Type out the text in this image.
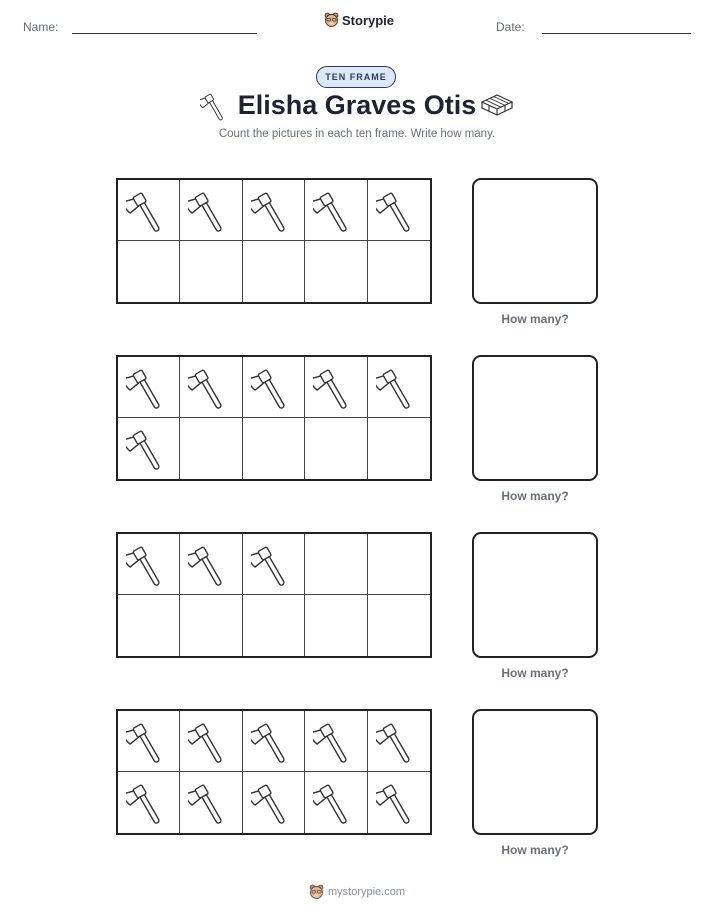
Name:	Storypie	Date:
TEN FRAME
Elisha Graves Otis
Count the pictures in each ten frame. Write how many.
How many?
How many?
How many?
How many?
mystorypie.com
